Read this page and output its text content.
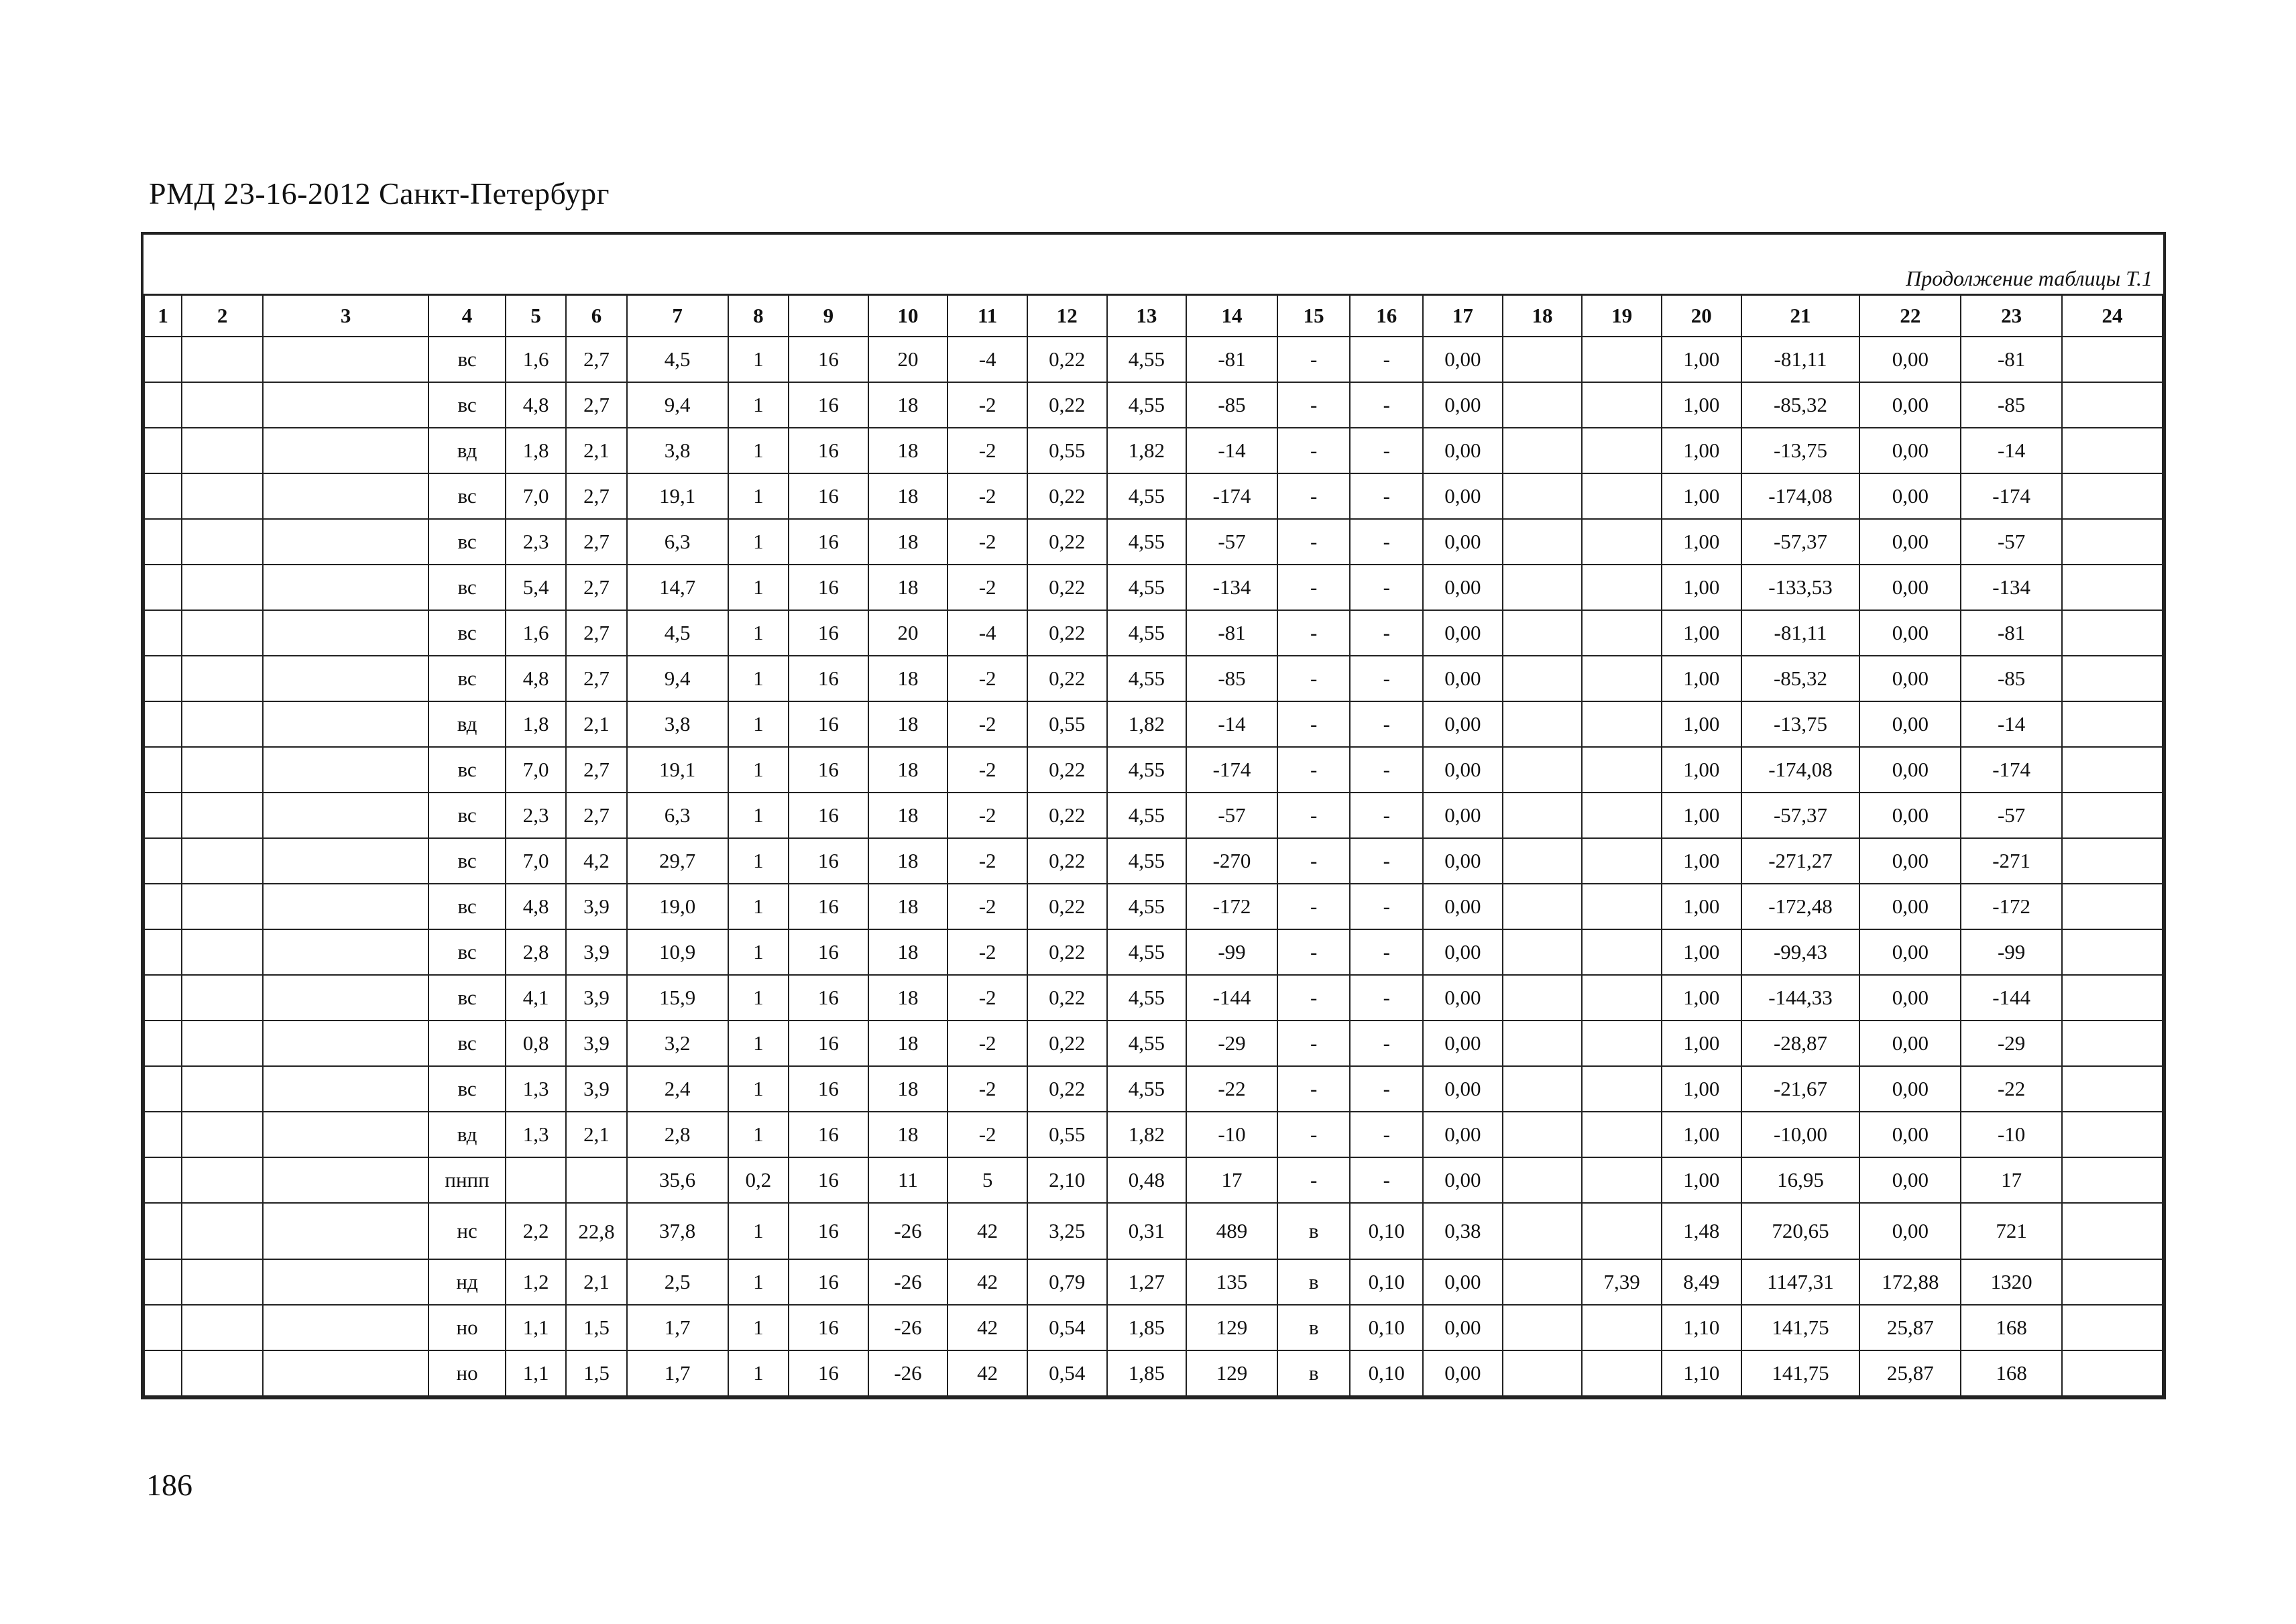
РМД 23-16-2012 Санкт-Петербург
Продолжение таблицы Т.1
1	2	3	4	5	6	7	8	9	10	11	12	13	14	15	16	17	18	19	20	21	22	23	24
			вс	1,6	2,7	4,5	1	16	20	-4	0,22	4,55	-81	-	-	0,00			1,00	-81,11	0,00	-81	
			вс	4,8	2,7	9,4	1	16	18	-2	0,22	4,55	-85	-	-	0,00			1,00	-85,32	0,00	-85	
			вд	1,8	2,1	3,8	1	16	18	-2	0,55	1,82	-14	-	-	0,00			1,00	-13,75	0,00	-14	
			вс	7,0	2,7	19,1	1	16	18	-2	0,22	4,55	-174	-	-	0,00			1,00	-174,08	0,00	-174	
			вс	2,3	2,7	6,3	1	16	18	-2	0,22	4,55	-57	-	-	0,00			1,00	-57,37	0,00	-57	
			вс	5,4	2,7	14,7	1	16	18	-2	0,22	4,55	-134	-	-	0,00			1,00	-133,53	0,00	-134	
			вс	1,6	2,7	4,5	1	16	20	-4	0,22	4,55	-81	-	-	0,00			1,00	-81,11	0,00	-81	
			вс	4,8	2,7	9,4	1	16	18	-2	0,22	4,55	-85	-	-	0,00			1,00	-85,32	0,00	-85	
			вд	1,8	2,1	3,8	1	16	18	-2	0,55	1,82	-14	-	-	0,00			1,00	-13,75	0,00	-14	
			вс	7,0	2,7	19,1	1	16	18	-2	0,22	4,55	-174	-	-	0,00			1,00	-174,08	0,00	-174	
			вс	2,3	2,7	6,3	1	16	18	-2	0,22	4,55	-57	-	-	0,00			1,00	-57,37	0,00	-57	
			вс	7,0	4,2	29,7	1	16	18	-2	0,22	4,55	-270	-	-	0,00			1,00	-271,27	0,00	-271	
			вс	4,8	3,9	19,0	1	16	18	-2	0,22	4,55	-172	-	-	0,00			1,00	-172,48	0,00	-172	
			вс	2,8	3,9	10,9	1	16	18	-2	0,22	4,55	-99	-	-	0,00			1,00	-99,43	0,00	-99	
			вс	4,1	3,9	15,9	1	16	18	-2	0,22	4,55	-144	-	-	0,00			1,00	-144,33	0,00	-144	
			вс	0,8	3,9	3,2	1	16	18	-2	0,22	4,55	-29	-	-	0,00			1,00	-28,87	0,00	-29	
			вс	1,3	3,9	2,4	1	16	18	-2	0,22	4,55	-22	-	-	0,00			1,00	-21,67	0,00	-22	
			вд	1,3	2,1	2,8	1	16	18	-2	0,55	1,82	-10	-	-	0,00			1,00	-10,00	0,00	-10	
			пнпп			35,6	0,2	16	11	5	2,10	0,48	17	-	-	0,00			1,00	16,95	0,00	17	
			нс	2,2	22,8	37,8	1	16	-26	42	3,25	0,31	489	в	0,10	0,38			1,48	720,65	0,00	721	
			нд	1,2	2,1	2,5	1	16	-26	42	0,79	1,27	135	в	0,10	0,00		7,39	8,49	1147,31	172,88	1320	
			но	1,1	1,5	1,7	1	16	-26	42	0,54	1,85	129	в	0,10	0,00			1,10	141,75	25,87	168	
			но	1,1	1,5	1,7	1	16	-26	42	0,54	1,85	129	в	0,10	0,00			1,10	141,75	25,87	168	
186
